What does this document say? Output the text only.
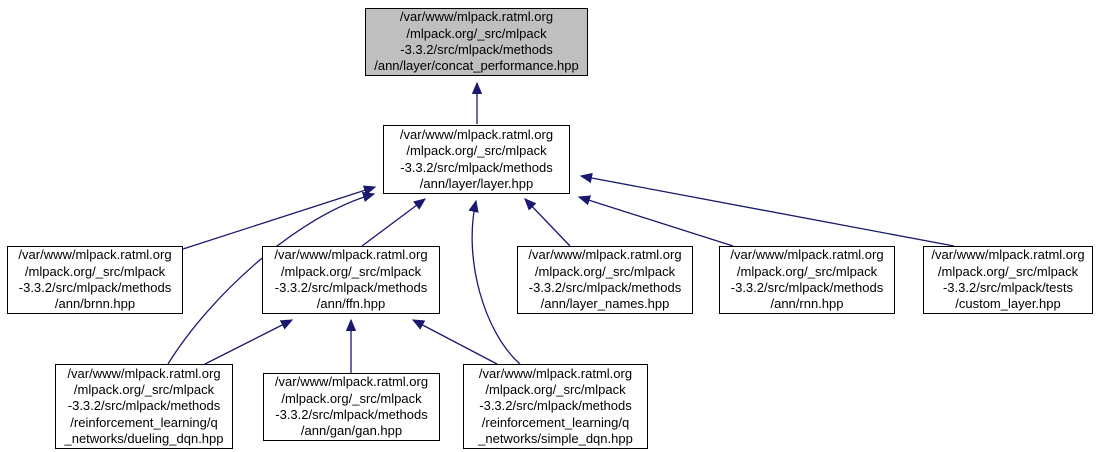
/var/www/mlpack.ratml.org
/mlpack.org/_src/mlpack
-3.3.2/src/mlpack/methods
/ann/layer/concat_performance.hpp
/var/www/mlpack.ratml.org
/mlpack.org/_src/mlpack
-3.3.2/src/mlpack/methods
/ann/layer/layer.hpp
/var/www/mlpack.ratml.org
/mlpack.org/_src/mlpack
-3.3.2/src/mlpack/methods
/ann/brnn.hpp
/var/www/mlpack.ratml.org
/mlpack.org/_src/mlpack
-3.3.2/src/mlpack/methods
/ann/ffn.hpp
/var/www/mlpack.ratml.org
/mlpack.org/_src/mlpack
-3.3.2/src/mlpack/methods
/ann/layer_names.hpp
/var/www/mlpack.ratml.org
/mlpack.org/_src/mlpack
-3.3.2/src/mlpack/methods
/ann/rnn.hpp
/var/www/mlpack.ratml.org
/mlpack.org/_src/mlpack
-3.3.2/src/mlpack/tests
/custom_layer.hpp
/var/www/mlpack.ratml.org
/mlpack.org/_src/mlpack
-3.3.2/src/mlpack/methods
/reinforcement_learning/q
_networks/dueling_dqn.hpp
/var/www/mlpack.ratml.org
/mlpack.org/_src/mlpack
-3.3.2/src/mlpack/methods
/ann/gan/gan.hpp
/var/www/mlpack.ratml.org
/mlpack.org/_src/mlpack
-3.3.2/src/mlpack/methods
/reinforcement_learning/q
_networks/simple_dqn.hpp
